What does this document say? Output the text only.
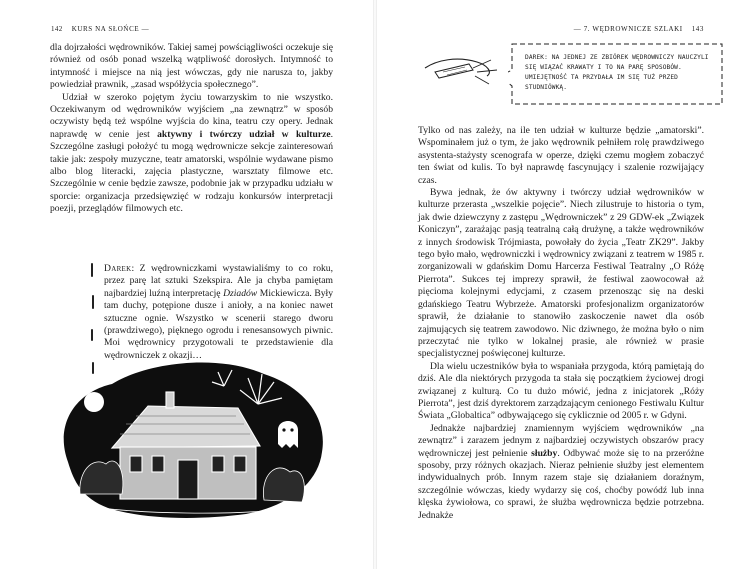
142 KURS NA SŁOŃCE —

dla dojrzałości wędrowników. Takiej samej powściągliwości oczekuje się również od osób ponad wszelką wątpliwość dorosłych. Intymność to intymność i miejsce na nią jest wówczas, gdy nie narusza to, jakby powiedział prawnik, „zasad współżycia społecznego”.

Udział w szeroko pojętym życiu towarzyskim to nie wszystko. Oczekiwanym od wędrowników wyjściem „na zewnątrz” w sposób oczywisty będą też wspólne wyjścia do kina, teatru czy opery. Jednak naprawdę w cenie jest aktywny i twórczy udział w kulturze. Szczególne zasługi położyć tu mogą wędrownicze sekcje zainteresowań takie jak: zespoły muzyczne, teatr amatorski, wspólnie wydawane pismo albo blog literacki, zajęcia plastyczne, warsztaty filmowe etc. Szczególnie w cenie będzie zawsze, podobnie jak w przypadku udziału w sporcie: organizacja przedsięwzięć w rodzaju konkursów interpretacji poezji, przeglądów filmowych etc.

Darek: Z wędrowniczkami wystawialiśmy to co roku, przez parę lat sztuki Szekspira. Ale ja chyba pamiętam najbardziej luźną interpretację Dziadów Mickiewicza. Były tam duchy, potępione dusze i anioły, a na koniec nawet sztuczne ognie. Wszystko w scenerii starego dworu (prawdziwego), pięknego ogrodu i renesansowych piwnic. Moi wędrownicy przygotowali te przedstawienie dla wędrowniczek z okazji…

— 7. WĘDROWNICZE SZLAKI 143
DAREK: NA JEDNEJ ZE ZBIÓREK WĘDROWNICZY NAUCZYLI SIĘ WIĄZAĆ KRAWATY I TO NA PARĘ SPOSOBÓW. UMIEJĘTNOŚĆ TA PRZYDAŁA IM SIĘ TUŻ PRZED STUDNIÓWKĄ.

Tylko od nas zależy, na ile ten udział w kulturze będzie „amatorski”. Wspominałem już o tym, że jako wędrownik pełniłem rolę prawdziwego asystenta-stażysty scenografa w operze, dzięki czemu mogłem zobaczyć ten świat od kulis. To był naprawdę fascynujący i szalenie rozwijający czas.

Bywa jednak, że ów aktywny i twórczy udział wędrowników w kulturze przerasta „wszelkie pojęcie”. Niech zilustruje to historia o tym, jak dwie dziewczyny z zastępu „Wędrowniczek” z 29 GDW-ek „Związek Koniczyn”, zarażając pasją teatralną całą drużynę, a także wędrowników z innych środowisk Trójmiasta, powołały do życia „Teatr ZK29”. Jakby tego było mało, wędrowniczki i wędrownicy związani z teatrem w 1985 r. zorganizowali w gdańskim Domu Harcerza Festiwal Teatralny „O Różę Pierrota”. Sukces tej imprezy sprawił, że festiwal zaowocował aż pięcioma kolejnymi edycjami, z czasem przenosząc się na deski gdańskiego Teatru Wybrzeże. Amatorski profesjonalizm organizatorów sprawił, że działanie to stanowiło zaskoczenie nawet dla osób zajmujących się teatrem zawodowo. Nic dziwnego, że można było o nim przeczytać nie tylko w lokalnej prasie, ale również w prasie specjalistycznej poświęconej kulturze.

Dla wielu uczestników była to wspaniała przygoda, którą pamiętają do dziś. Ale dla niektórych przygoda ta stała się początkiem życiowej drogi związanej z kulturą. Co tu dużo mówić, jedna z inicjatorek „Róży Pierrota”, jest dziś dyrektorem zarządzającym cenionego Festiwalu Kultur Świata „Globaltica” odbywającego się cyklicznie od 2005 r. w Gdyni.

Jednakże najbardziej znamiennym wyjściem wędrowników „na zewnątrz” i zarazem jednym z najbardziej oczywistych obszarów pracy wędrowniczej jest pełnienie służby. Odbywać może się to na przeróżne sposoby, przy różnych okazjach. Nieraz pełnienie służby jest elementem indywidualnych prób. Innym razem staje się działaniem doraźnym, szczególnie wówczas, kiedy wydarzy się coś, choćby powódź lub inna klęska żywiołowa, co sprawi, że służba wędrownicza będzie potrzebna. Jednakże
